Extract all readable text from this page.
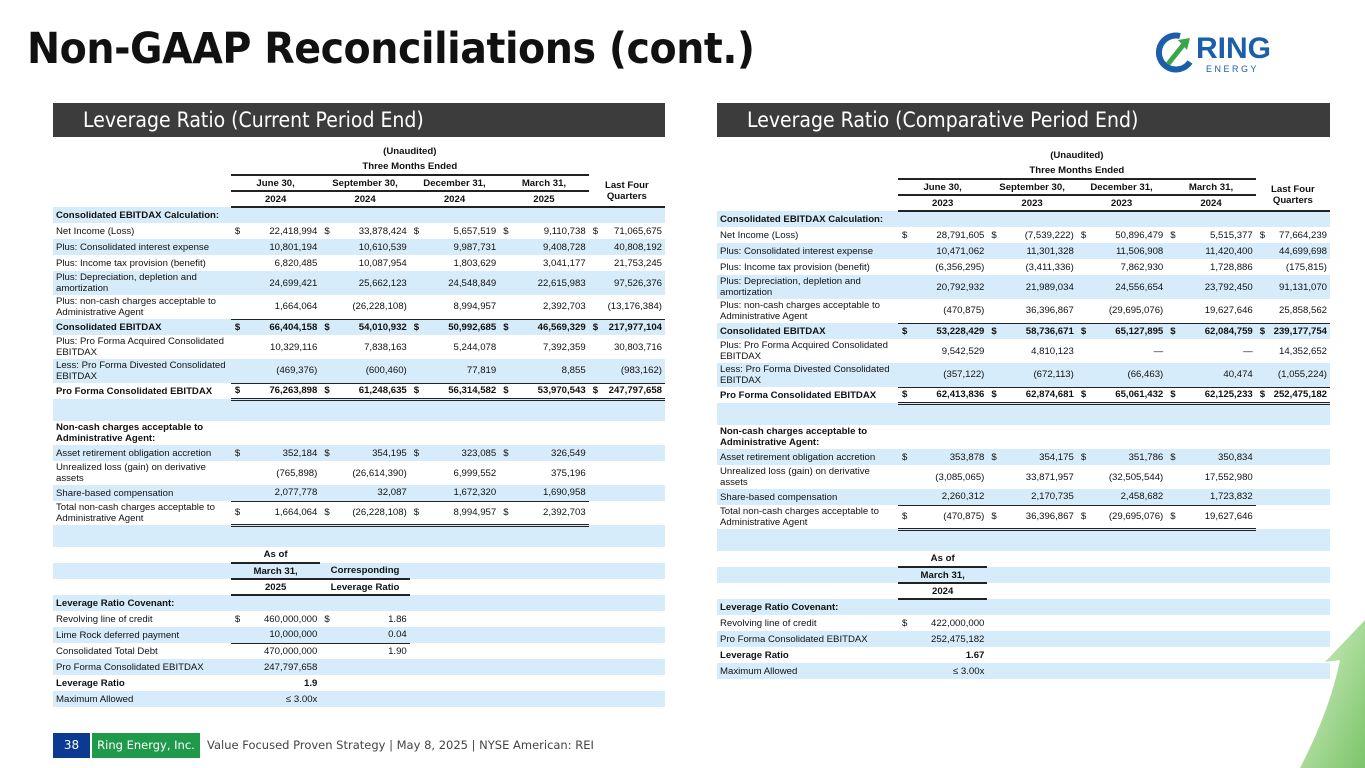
Non-GAAP Reconciliations (cont.)	RING
E N E R G Y
Leverage Ratio (Current Period End)	Leverage Ratio (Comparative Period End)
	(Unaudited)									
	Three Months Ended									
	June 30,		September 30,		December 31,		March 31,		Last Four Quarters	
	2024		2024		2024		2025			
Consolidated EBITDAX Calculation:										
Net Income (Loss)	$	22,418,994	$	33,878,424	$	5,657,519	$	9,110,738	$	71,065,675
Plus: Consolidated interest expense		10,801,194		10,610,539		9,987,731		9,408,728		40,808,192
Plus: Income tax provision (benefit)		6,820,485		10,087,954		1,803,629		3,041,177		21,753,245
Plus: Depreciation, depletion and amortization		24,699,421		25,662,123		24,548,849		22,615,983		97,526,376
Plus: non-cash charges acceptable to Administrative Agent		1,664,064		(26,228,108)		8,994,957		2,392,703		(13,176,384)
Consolidated EBITDAX	$	66,404,158	$	54,010,932	$	50,992,685	$	46,569,329	$	217,977,104
Plus: Pro Forma Acquired Consolidated EBITDAX		10,329,116		7,838,163		5,244,078		7,392,359		30,803,716
Less: Pro Forma Divested Consolidated EBITDAX		(469,376)		(600,460)		77,819		8,855		(983,162)
Pro Forma Consolidated EBITDAX	$	76,263,898	$	61,248,635	$	56,314,582	$	53,970,543	$	247,797,658

Non-cash charges acceptable to Administrative Agent:										
Asset retirement obligation accretion	$	352,184	$	354,195	$	323,085	$	326,549		
Unrealized loss (gain) on derivative assets		(765,898)		(26,614,390)		6,999,552		375,196		
Share-based compensation		2,077,778		32,087		1,672,320		1,690,958		
Total non-cash charges acceptable to Administrative Agent	$	1,664,064	$	(26,228,108)	$	8,994,957	$	2,392,703		

	As of									
	March 31,		Corresponding							
	2025		Leverage Ratio							
Leverage Ratio Covenant:										
Revolving line of credit	$	460,000,000	$	1.86						
Lime Rock deferred payment		10,000,000		0.04						
Consolidated Total Debt		470,000,000		1.90						
Pro Forma Consolidated EBITDAX		247,797,658								
Leverage Ratio		1.9								
Maximum Allowed		≤ 3.00x								
	(Unaudited)									
	Three Months Ended									
	June 30,		September 30,		December 31,		March 31,		Last Four Quarters	
	2023		2023		2023		2024			
Consolidated EBITDAX Calculation:										
Net Income (Loss)	$	28,791,605	$	(7,539,222)	$	50,896,479	$	5,515,377	$	77,664,239
Plus: Consolidated interest expense		10,471,062		11,301,328		11,506,908		11,420,400		44,699,698
Plus: Income tax provision (benefit)		(6,356,295)		(3,411,336)		7,862,930		1,728,886		(175,815)
Plus: Depreciation, depletion and amortization		20,792,932		21,989,034		24,556,654		23,792,450		91,131,070
Plus: non-cash charges acceptable to Administrative Agent		(470,875)		36,396,867		(29,695,076)		19,627,646		25,858,562
Consolidated EBITDAX	$	53,228,429	$	58,736,671	$	65,127,895	$	62,084,759	$	239,177,754
Plus: Pro Forma Acquired Consolidated EBITDAX		9,542,529		4,810,123		—		—		14,352,652
Less: Pro Forma Divested Consolidated EBITDAX		(357,122)		(672,113)		(66,463)		40,474		(1,055,224)
Pro Forma Consolidated EBITDAX	$	62,413,836	$	62,874,681	$	65,061,432	$	62,125,233	$	252,475,182

Non-cash charges acceptable to Administrative Agent:										
Asset retirement obligation accretion	$	353,878	$	354,175	$	351,786	$	350,834		
Unrealized loss (gain) on derivative assets		(3,085,065)		33,871,957		(32,505,544)		17,552,980		
Share-based compensation		2,260,312		2,170,735		2,458,682		1,723,832		
Total non-cash charges acceptable to Administrative Agent	$	(470,875)	$	36,396,867	$	(29,695,076)	$	19,627,646		

	As of									
	March 31,									
	2024									
Leverage Ratio Covenant:										
Revolving line of credit	$	422,000,000								
Pro Forma Consolidated EBITDAX		252,475,182								
Leverage Ratio		1.67								
Maximum Allowed		≤ 3.00x								
38	Ring Energy, Inc.	Value Focused Proven Strategy | May 8, 2025 | NYSE American: REI
